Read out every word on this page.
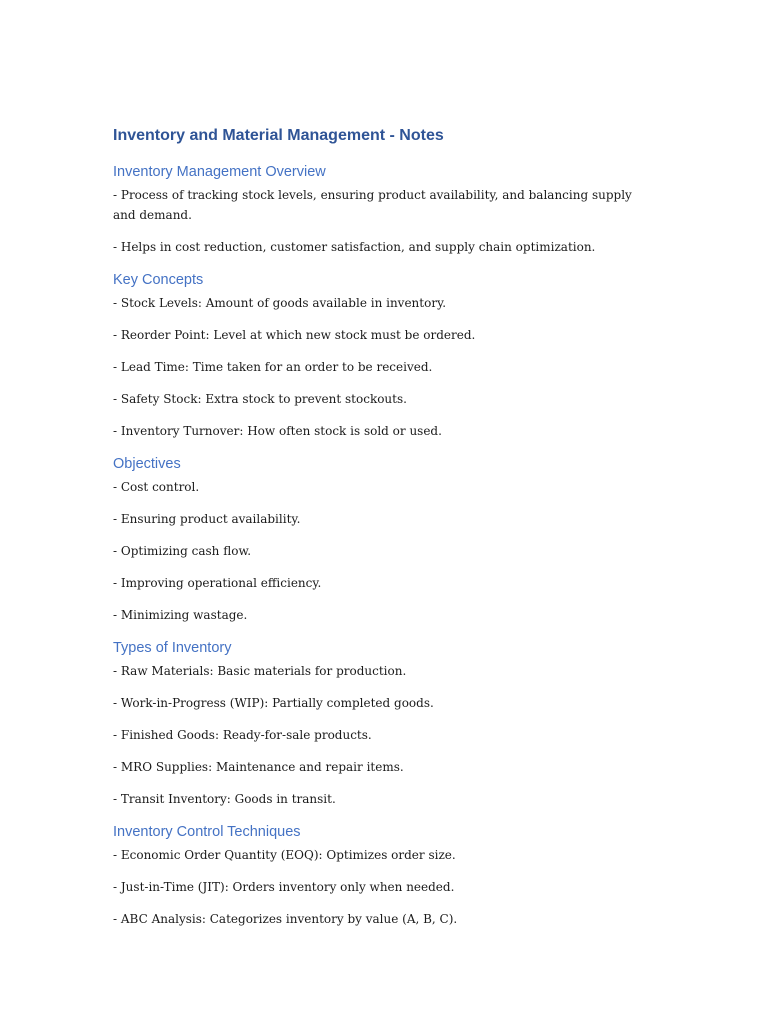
Inventory and Material Management - Notes
Inventory Management Overview

- Process of tracking stock levels, ensuring product availability, and balancing supply and demand.

- Helps in cost reduction, customer satisfaction, and supply chain optimization.

Key Concepts

- Stock Levels: Amount of goods available in inventory.

- Reorder Point: Level at which new stock must be ordered.

- Lead Time: Time taken for an order to be received.

- Safety Stock: Extra stock to prevent stockouts.

- Inventory Turnover: How often stock is sold or used.

Objectives

- Cost control.

- Ensuring product availability.

- Optimizing cash flow.

- Improving operational efficiency.

- Minimizing wastage.

Types of Inventory

- Raw Materials: Basic materials for production.

- Work-in-Progress (WIP): Partially completed goods.

- Finished Goods: Ready-for-sale products.

- MRO Supplies: Maintenance and repair items.

- Transit Inventory: Goods in transit.

Inventory Control Techniques

- Economic Order Quantity (EOQ): Optimizes order size.

- Just-in-Time (JIT): Orders inventory only when needed.

- ABC Analysis: Categorizes inventory by value (A, B, C).
